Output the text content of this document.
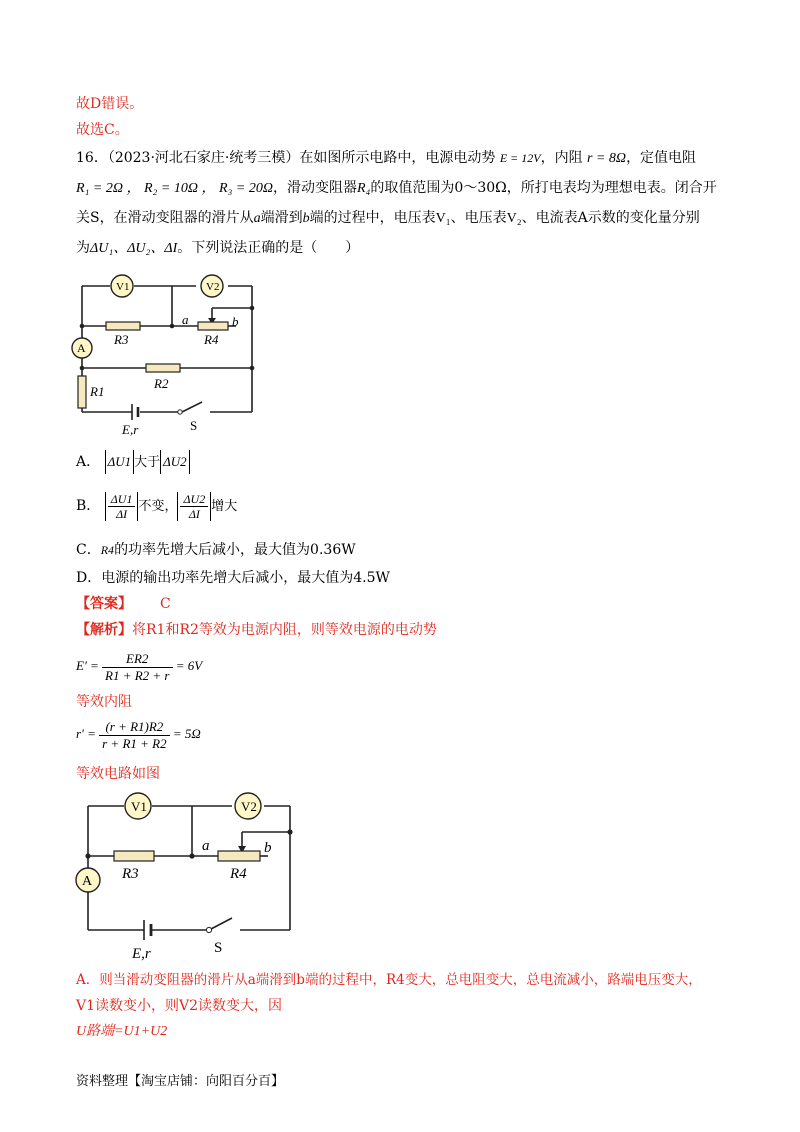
故D错误。
故选C。
16．（2023·河北石家庄·统考三模）在如图所示电路中，电源电动势 E = 12V，内阻 r = 8Ω，定值电阻
R₁ = 2Ω ， R₂ = 10Ω ， R₃ = 20Ω，滑动变阻器R₄的取值范围为0～30Ω，所打电表均为理想电表。闭合开
关S，在滑动变阻器的滑片从a端滑到b端的过程中，电压表V₁、电压表V₂、电流表A示数的变化量分别
为ΔU₁、ΔU₂、ΔI。下列说法正确的是（　　）
V1	V2
A
R3	R4
R2
R1
a	b
E,r	S
A． ΔU1 大于 ΔU2
B． $\frac{\Delta U1}{\Delta I}$ 不变， $\frac{\Delta U2}{\Delta I}$ 增大
C．R4的功率先增大后减小，最大值为0.36W
D．电源的输出功率先增大后减小，最大值为4.5W
【答案】 C
【解析】将R1和R2等效为电源内阻，则等效电源的电动势
$E' = \frac{ER2}{R1 + R2 + r} = 6V$
等效内阻
$r' = \frac{(r + R1)R2}{r + R1 + R2} = 5\Omega$
等效电路如图
V1	V2
A R3	R4
a	b
E,r	S
A．则当滑动变阻器的滑片从a端滑到b端的过程中，R4变大，总电阻变大，总电流减小，路端电压变大，
V1读数变小，则V2读数变大，因
U路端=U1+U2
资料整理【淘宝店铺：向阳百分百】
